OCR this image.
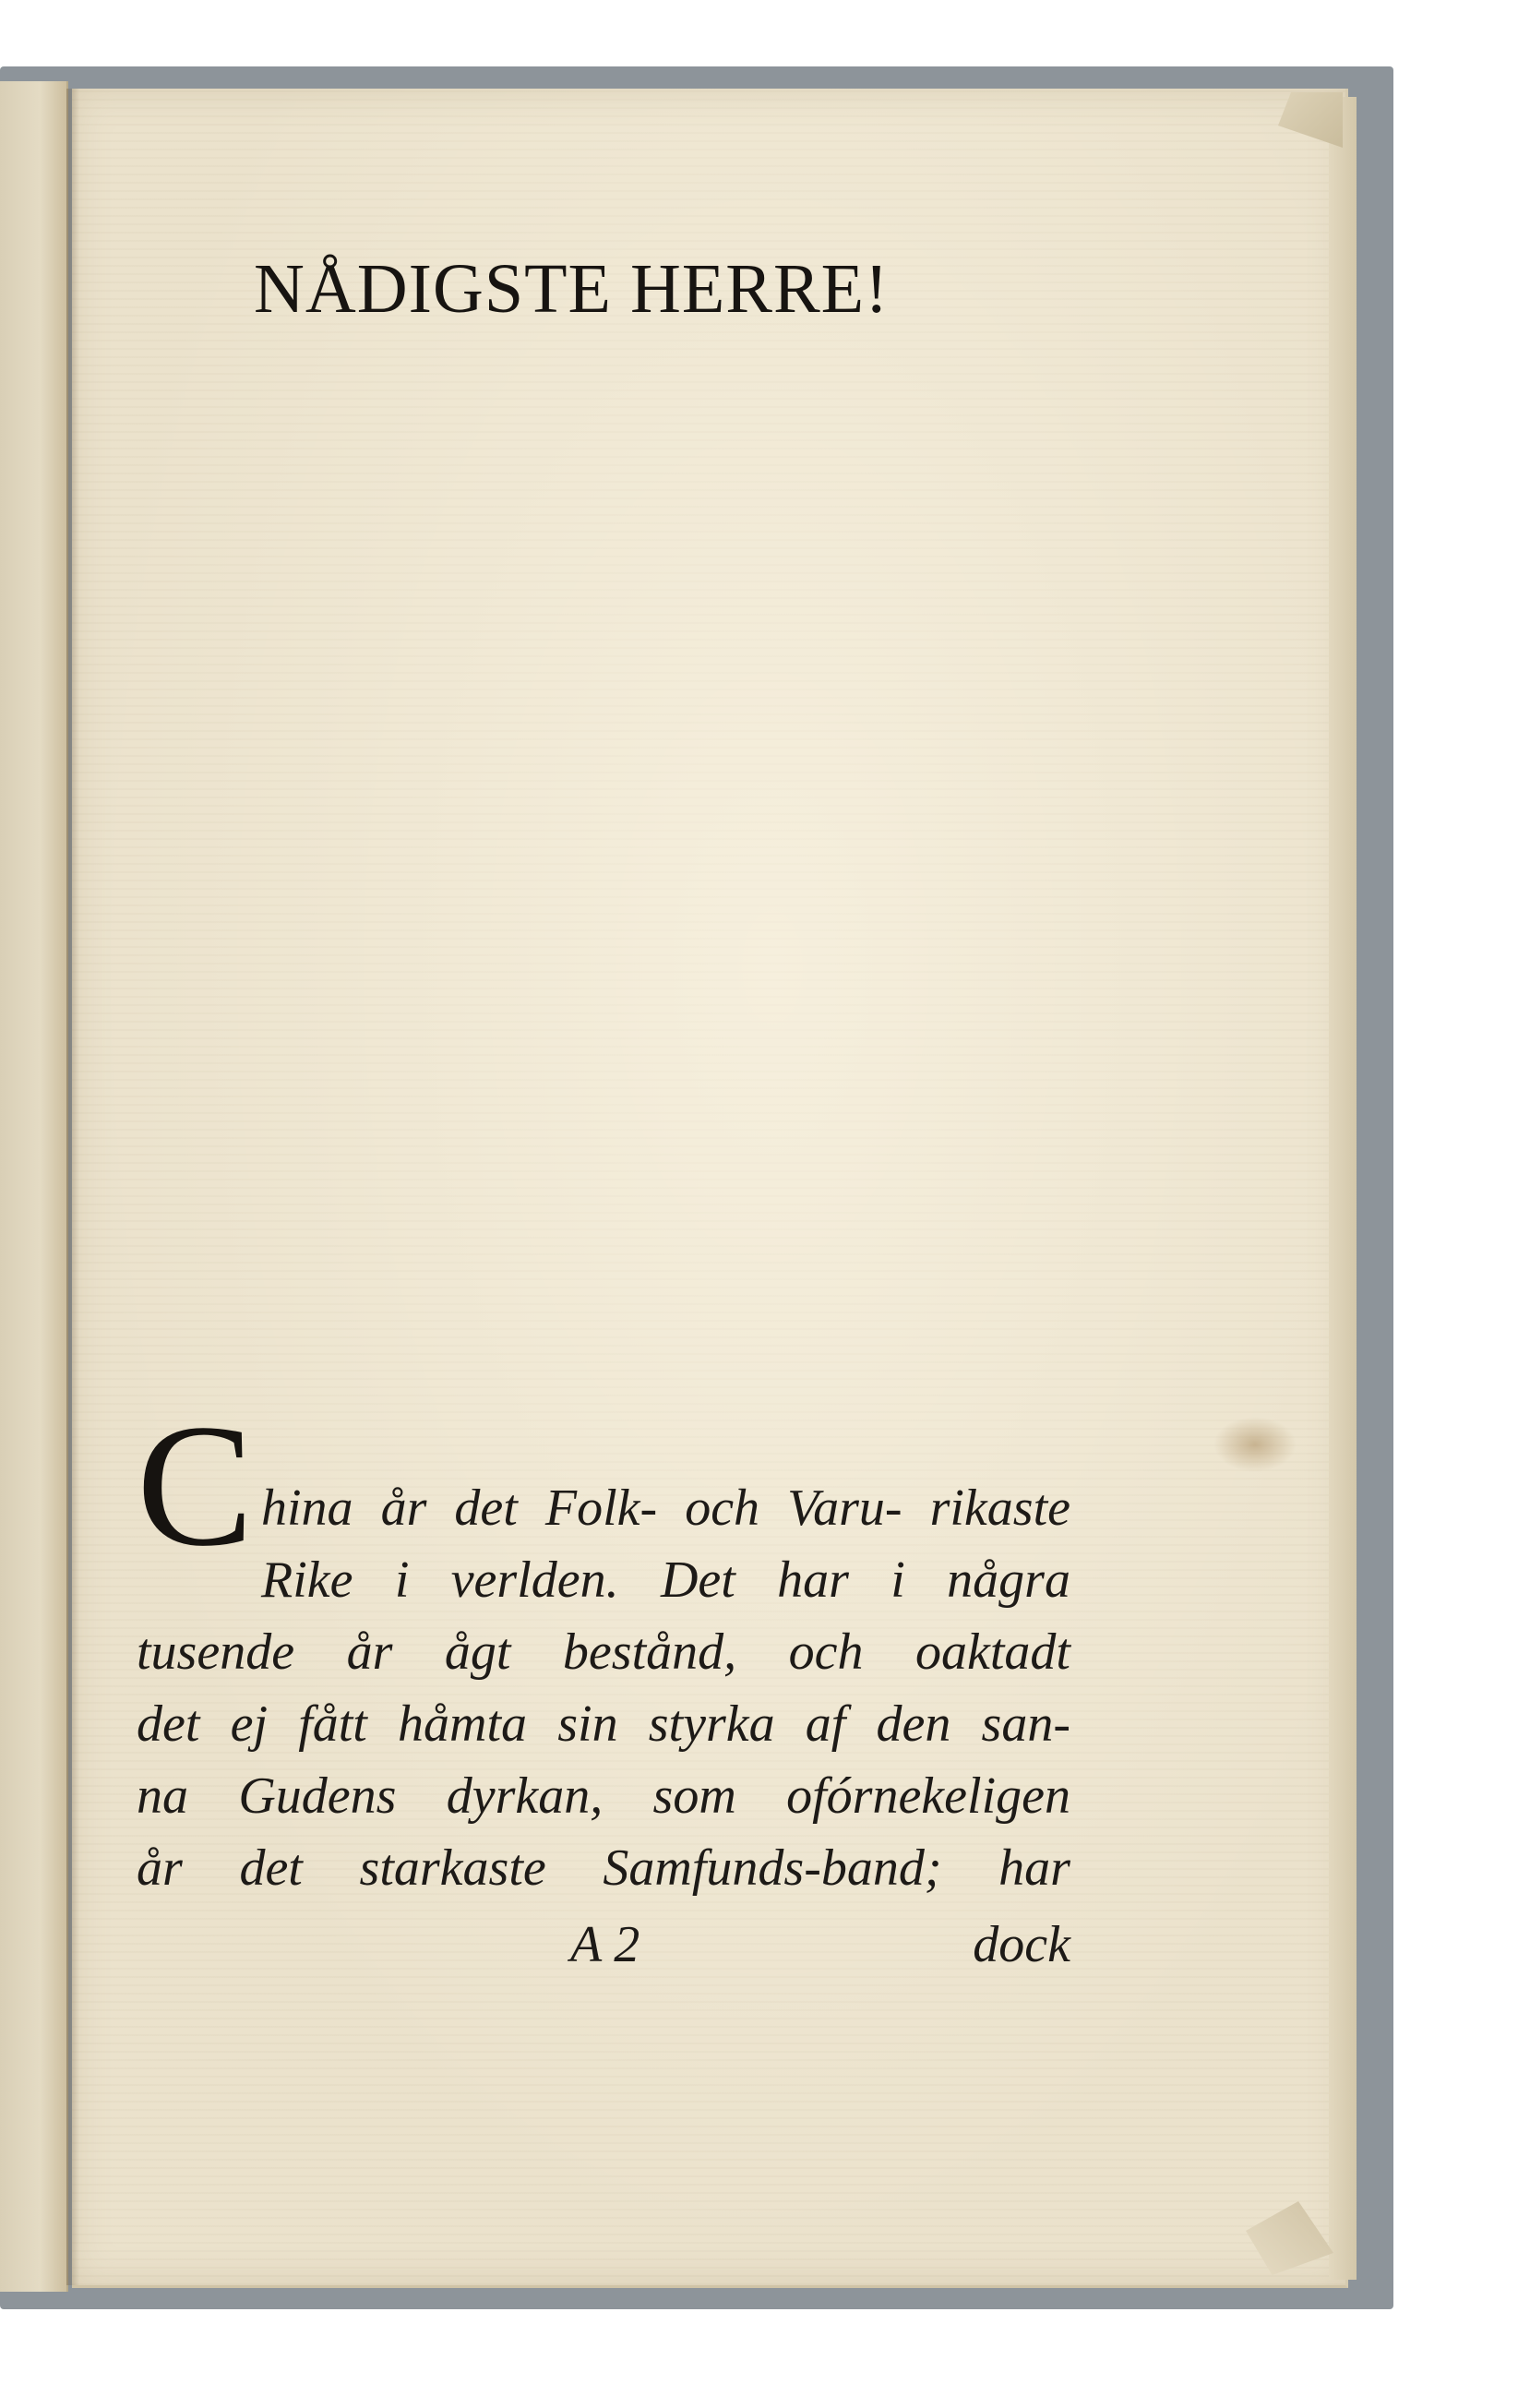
NÅDIGSTE HERRE!
C hina år det Folk- och Varu- rikaste
Rike i verlden. Det har i några
tusende år ågt bestånd, och oaktadt
det ej fått håmta sin styrka af den san-
na Gudens dyrkan, som ofórnekeligen
år det starkaste Samfunds-band; har
A 2	dock
